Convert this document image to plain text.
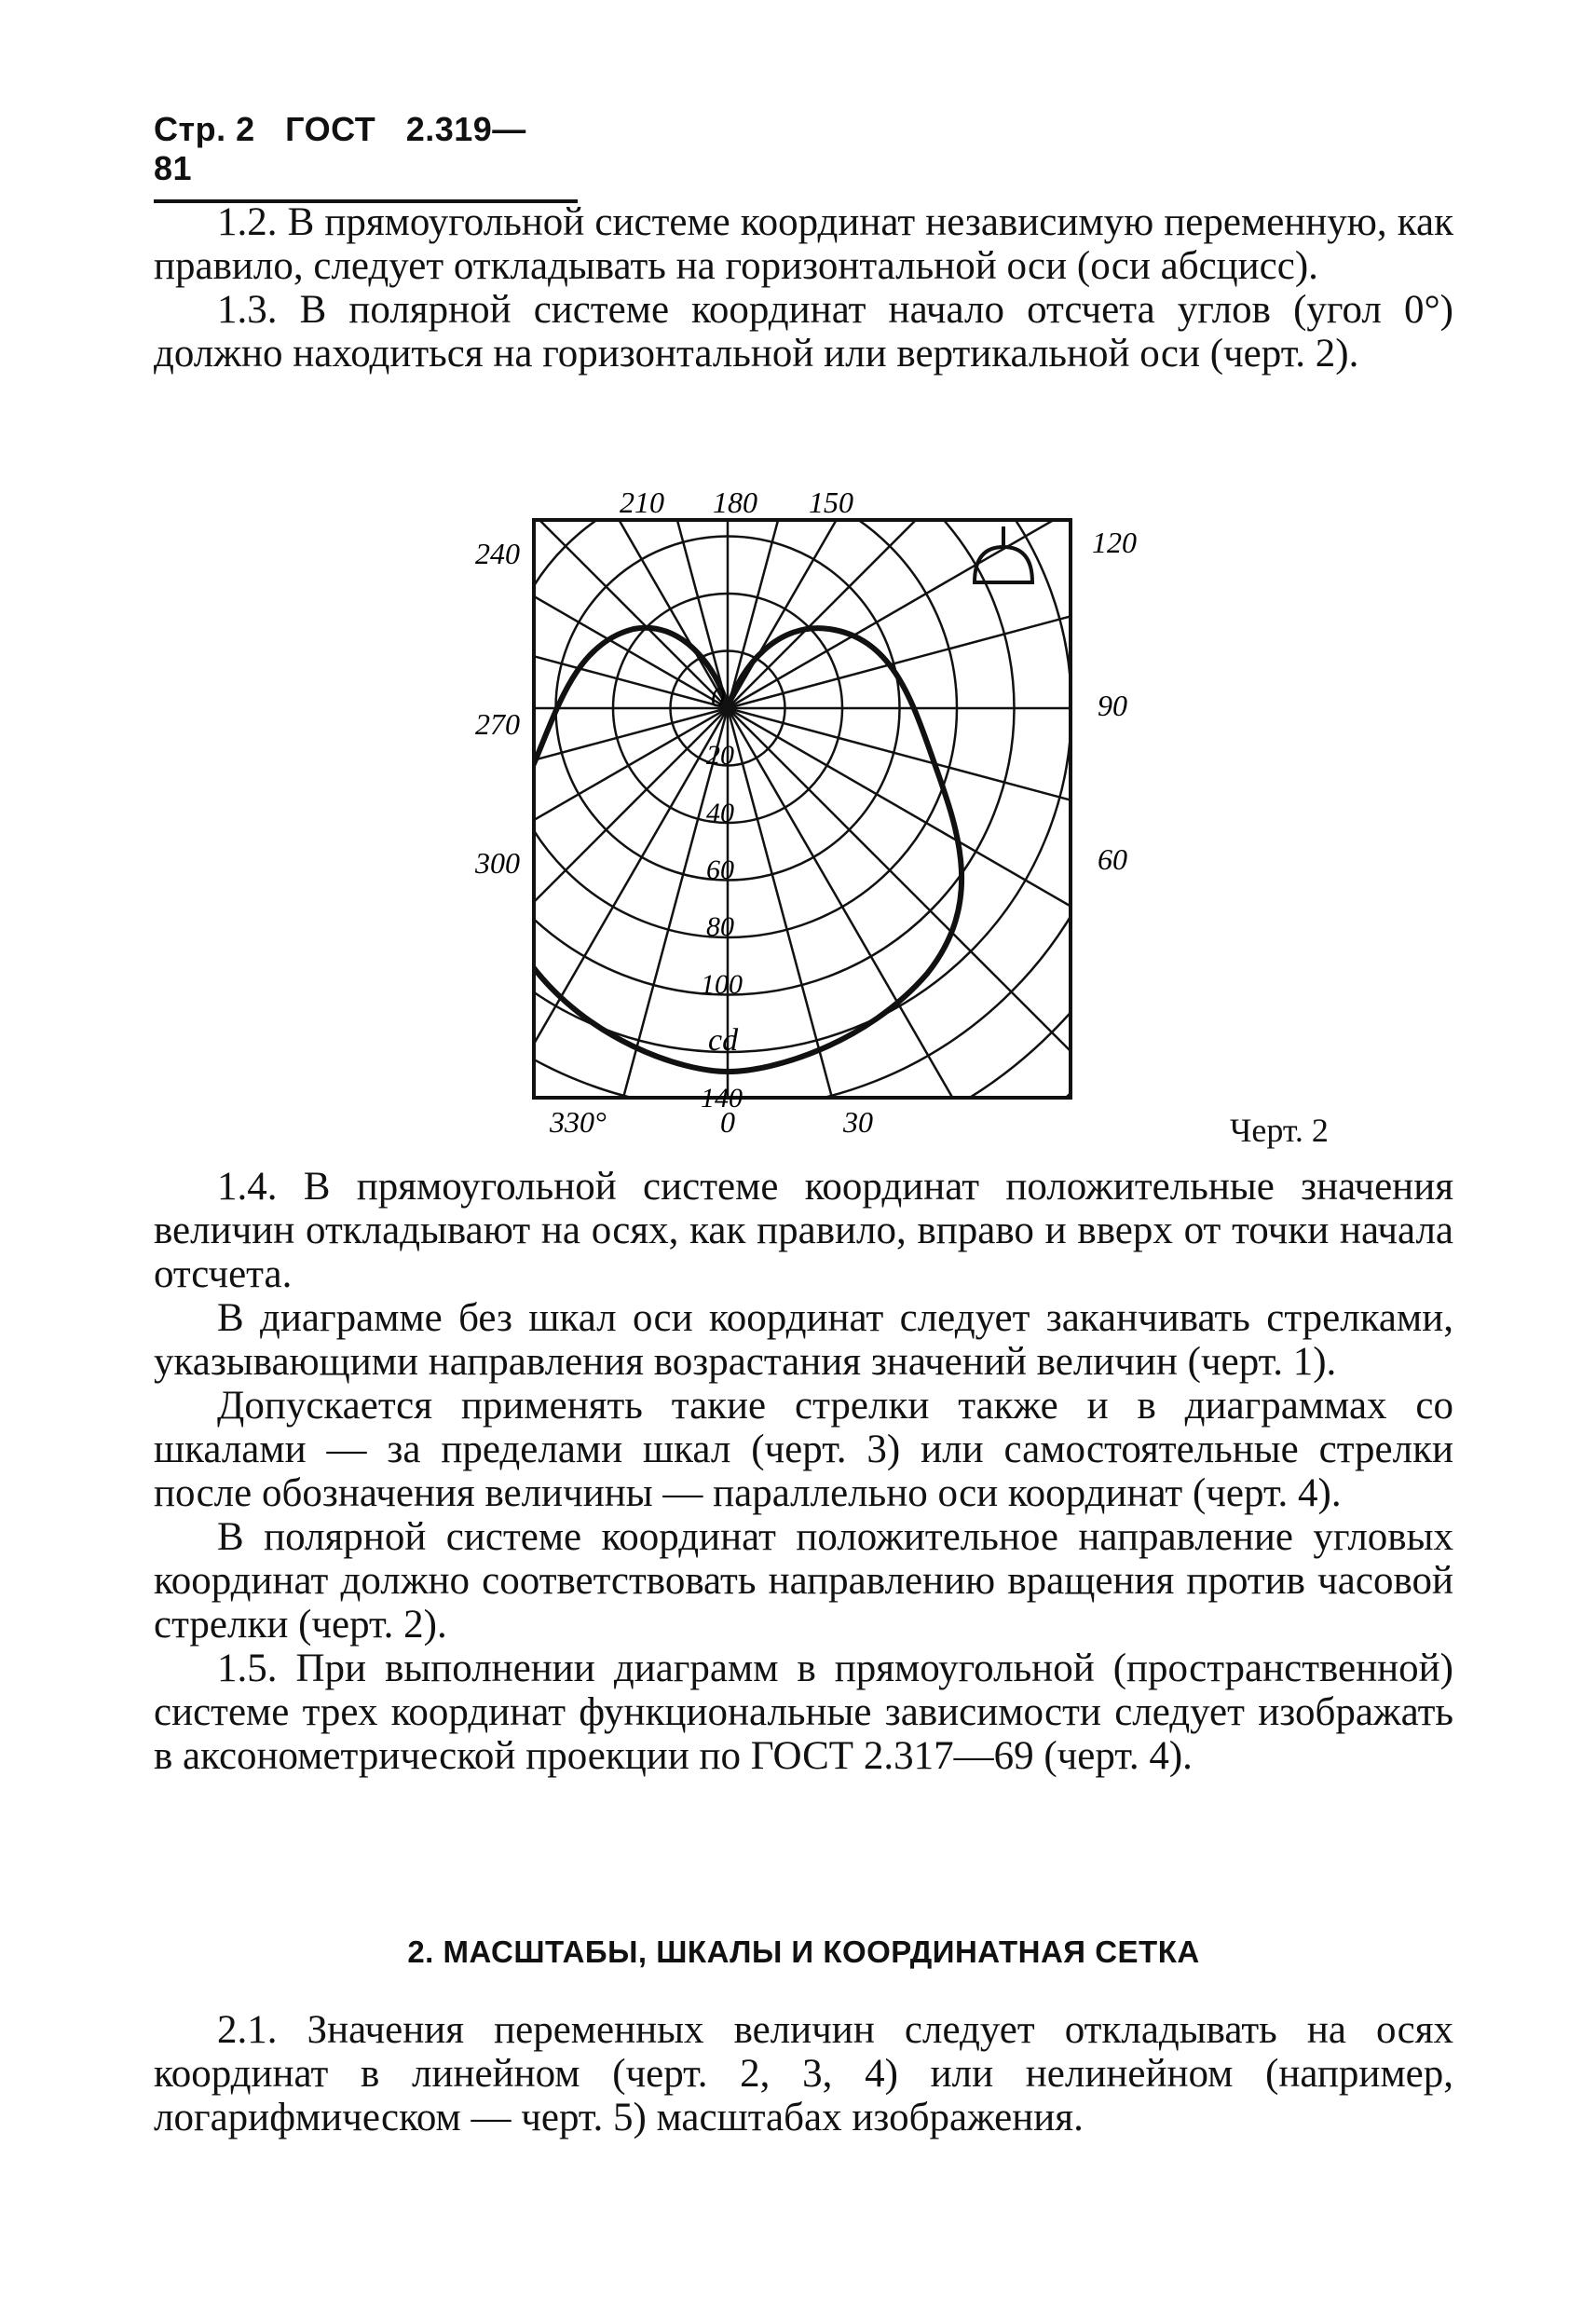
Стр. 2 ГОСТ 2.319—81

1.2. В прямоугольной системе координат независимую переменную, как правило, следует откладывать на горизонтальной оси (оси абсцисс).

1.3. В полярной системе координат начало отсчета углов (угол 0°) должно находиться на горизонтальной или вертикальной оси (черт. 2).

210 180 150
240
270
300
120
90
60
330°	0	30
0
20
40
60
80
100
cd
140
Черт. 2

1.4. В прямоугольной системе координат положительные значения величин откладывают на осях, как правило, вправо и вверх от точки начала отсчета.

В диаграмме без шкал оси координат следует заканчивать стрелками, указывающими направления возрастания значений величин (черт. 1).

Допускается применять такие стрелки также и в диаграммах со шкалами — за пределами шкал (черт. 3) или самостоятельные стрелки после обозначения величины — параллельно оси координат (черт. 4).

В полярной системе координат положительное направление угловых координат должно соответствовать направлению вращения против часовой стрелки (черт. 2).

1.5. При выполнении диаграмм в прямоугольной (пространственной) системе трех координат функциональные зависимости следует изображать в аксонометрической проекции по ГОСТ 2.317—69 (черт. 4).

2. МАСШТАБЫ, ШКАЛЫ И КООРДИНАТНАЯ СЕТКА

2.1. Значения переменных величин следует откладывать на осях координат в линейном (черт. 2, 3, 4) или нелинейном (например, логарифмическом — черт. 5) масштабах изображения.
